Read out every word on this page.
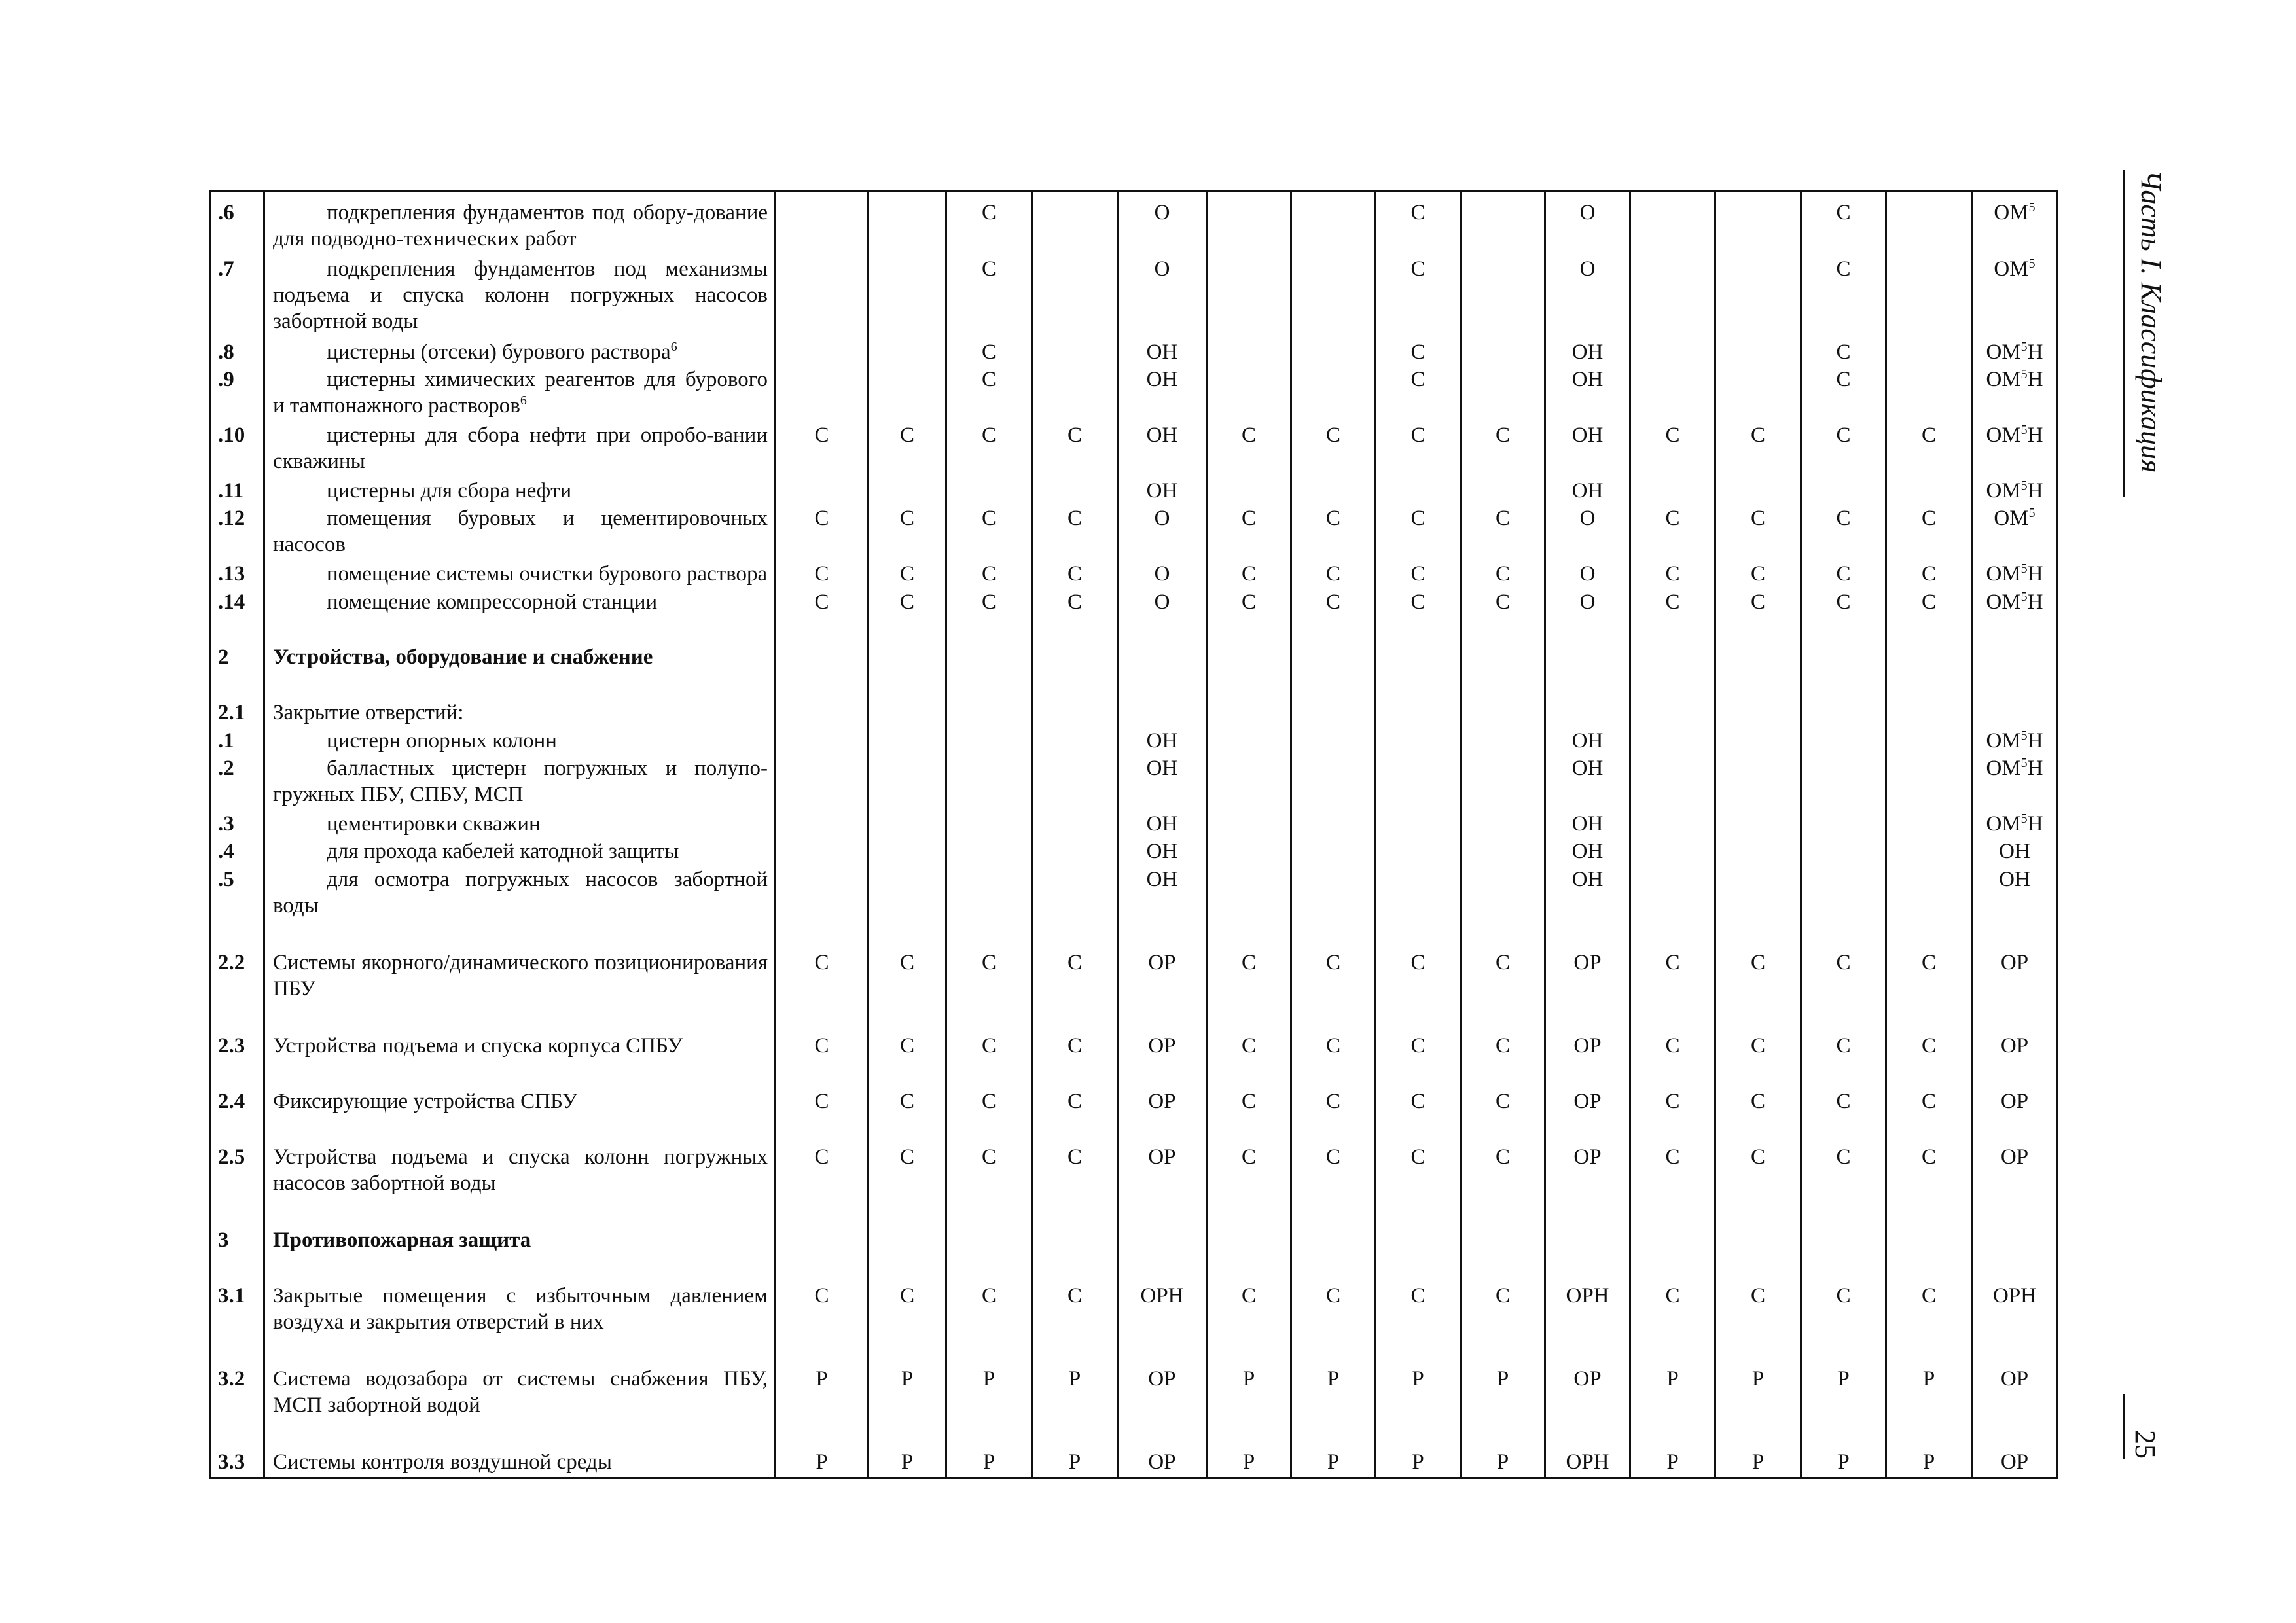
Часть I. Классификация
25
.6	подкрепления фундаментов под обору-дование для подводно-технических работ			С		О			С		О			С		$ОМ^5$
.7	подкрепления фундаментов под механизмы подъема и спуска колонн погружных насосов забортной воды			С		О			С		О			С		$ОМ^5$
.8	цистерны (отсеки) бурового раствора$^6$			С		ОН			С		ОН			С		$ОМ^5Н$
.9	цистерны химических реагентов для бурового и тампонажного растворов$^6$			С		ОН			С		ОН			С		$ОМ^5Н$
.10	цистерны для сбора нефти при опробо-вании скважины	С	С	С	С	ОН	С	С	С	С	ОН	С	С	С	С	$ОМ^5Н$
.11	цистерны для сбора нефти					ОН					ОН					$ОМ^5Н$
.12	помещения буровых и цементировочных насосов	С	С	С	С	О	С	С	С	С	О	С	С	С	С	$ОМ^5$
.13	помещение системы очистки бурового раствора	С	С	С	С	О	С	С	С	С	О	С	С	С	С	$ОМ^5Н$
.14	помещение компрессорной станции	С	С	С	С	О	С	С	С	С	О	С	С	С	С	$ОМ^5Н$
2	Устройства, оборудование и снабжение															
2.1	Закрытие отверстий:															
.1	цистерн опорных колонн					ОН					ОН					$ОМ^5Н$
.2	балластных цистерн погружных и полупо-гружных ПБУ, СПБУ, МСП					ОН					ОН					$ОМ^5Н$
.3	цементировки скважин					ОН					ОН					$ОМ^5Н$
.4	для прохода кабелей катодной защиты					ОН					ОН					ОН
.5	для осмотра погружных насосов забортной воды					ОН					ОН					ОН
2.2	Системы якорного/динамического позиционирования ПБУ	С	С	С	С	ОР	С	С	С	С	ОР	С	С	С	С	ОР
2.3	Устройства подъема и спуска корпуса СПБУ	С	С	С	С	ОР	С	С	С	С	ОР	С	С	С	С	ОР
2.4	Фиксирующие устройства СПБУ	С	С	С	С	ОР	С	С	С	С	ОР	С	С	С	С	ОР
2.5	Устройства подъема и спуска колонн погружных насосов забортной воды	С	С	С	С	ОР	С	С	С	С	ОР	С	С	С	С	ОР
3	Противопожарная защита															
3.1	Закрытые помещения с избыточным давлением воздуха и закрытия отверстий в них	С	С	С	С	ОРН	С	С	С	С	ОРН	С	С	С	С	ОРН
3.2	Система водозабора от системы снабжения ПБУ, МСП забортной водой	Р	Р	Р	Р	ОР	Р	Р	Р	Р	ОР	Р	Р	Р	Р	ОР
3.3	Системы контроля воздушной среды	Р	Р	Р	Р	ОР	Р	Р	Р	Р	ОРН	Р	Р	Р	Р	ОР
